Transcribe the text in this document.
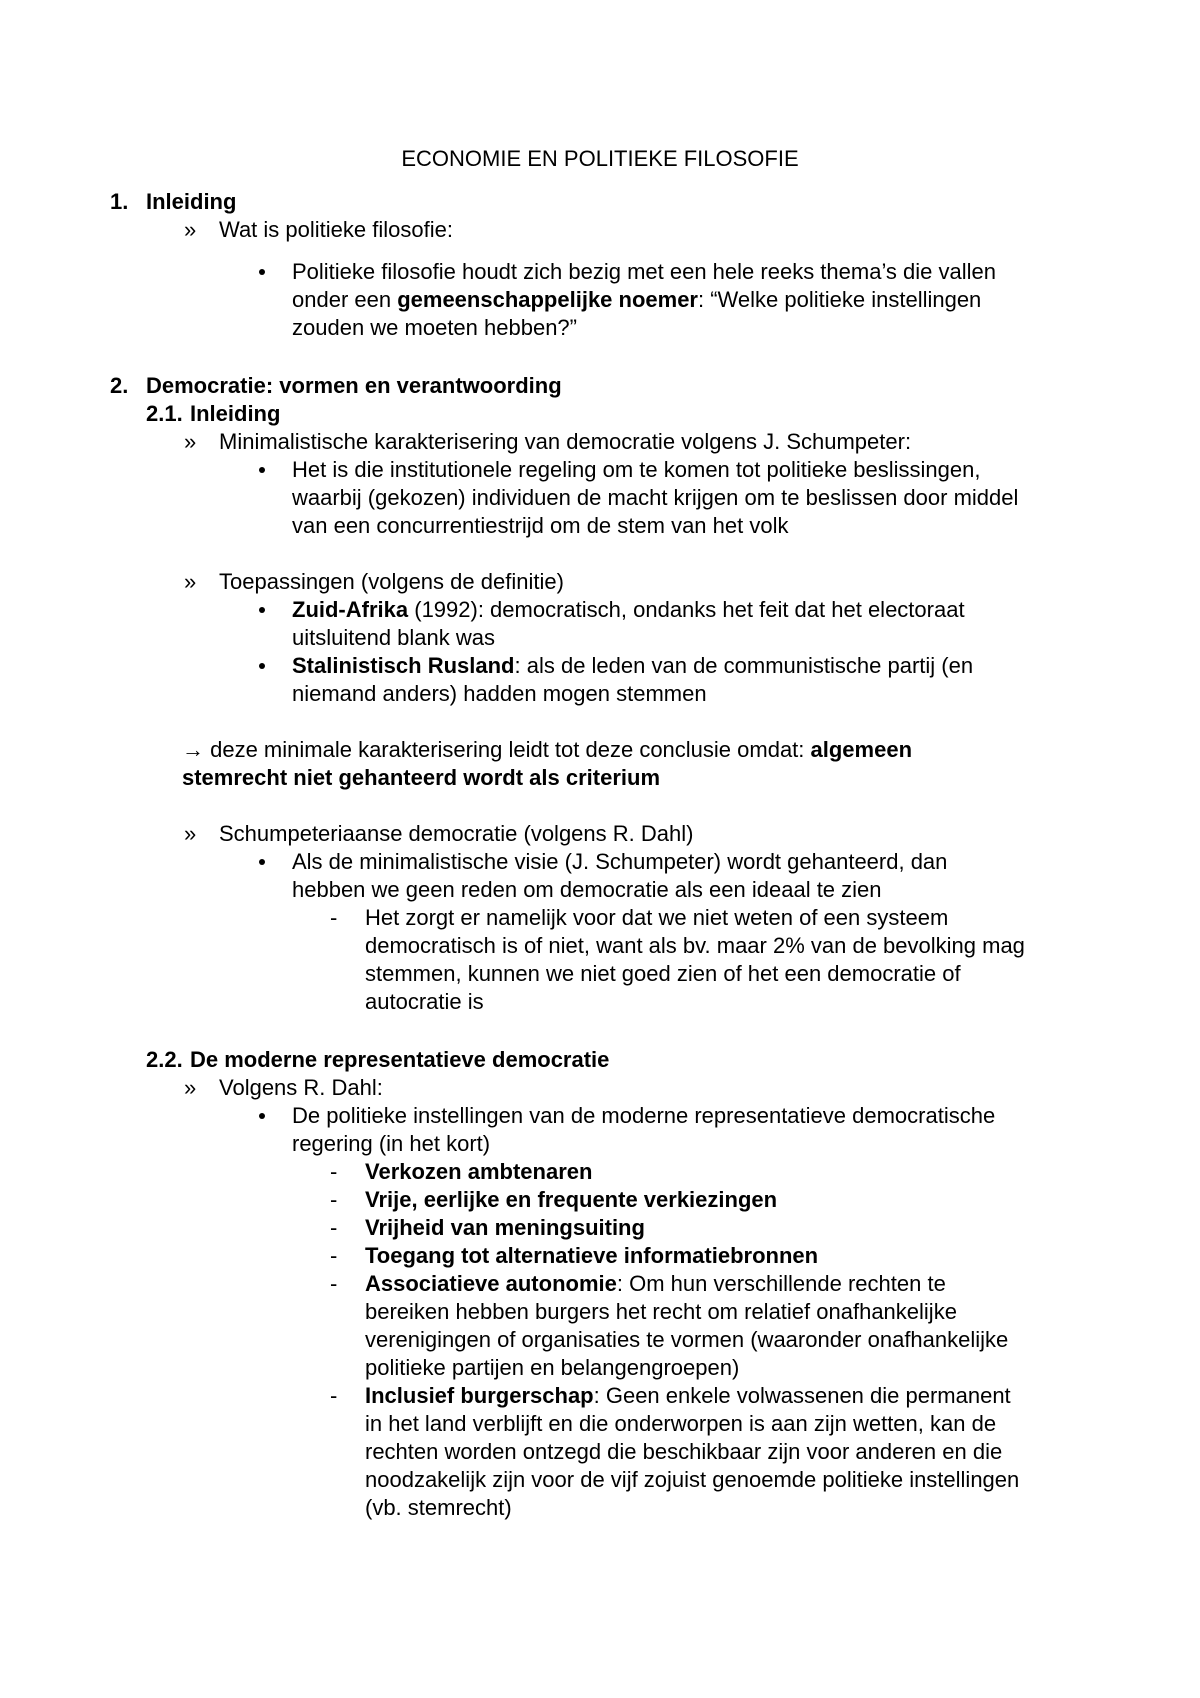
ECONOMIE EN POLITIEKE FILOSOFIE
1. Inleiding
» Wat is politieke filosofie:
Politieke filosofie houdt zich bezig met een hele reeks thema’s die vallen
onder een gemeenschappelijke noemer: “Welke politieke instellingen
zouden we moeten hebben?”
2. Democratie: vormen en verantwoording
2.1. Inleiding
» Minimalistische karakterisering van democratie volgens J. Schumpeter:
Het is die institutionele regeling om te komen tot politieke beslissingen,
waarbij (gekozen) individuen de macht krijgen om te beslissen door middel
van een concurrentiestrijd om de stem van het volk
» Toepassingen (volgens de definitie)
Zuid-Afrika (1992): democratisch, ondanks het feit dat het electoraat
uitsluitend blank was
Stalinistisch Rusland: als de leden van de communistische partij (en
niemand anders) hadden mogen stemmen
→ deze minimale karakterisering leidt tot deze conclusie omdat: algemeen
stemrecht niet gehanteerd wordt als criterium
» Schumpeteriaanse democratie (volgens R. Dahl)
Als de minimalistische visie (J. Schumpeter) wordt gehanteerd, dan
hebben we geen reden om democratie als een ideaal te zien
- Het zorgt er namelijk voor dat we niet weten of een systeem
democratisch is of niet, want als bv. maar 2% van de bevolking mag
stemmen, kunnen we niet goed zien of het een democratie of
autocratie is
2.2. De moderne representatieve democratie
» Volgens R. Dahl:
De politieke instellingen van de moderne representatieve democratische
regering (in het kort)
- Verkozen ambtenaren
- Vrije, eerlijke en frequente verkiezingen
- Vrijheid van meningsuiting
- Toegang tot alternatieve informatiebronnen
- Associatieve autonomie: Om hun verschillende rechten te
bereiken hebben burgers het recht om relatief onafhankelijke
verenigingen of organisaties te vormen (waaronder onafhankelijke
politieke partijen en belangengroepen)
- Inclusief burgerschap: Geen enkele volwassenen die permanent
in het land verblijft en die onderworpen is aan zijn wetten, kan de
rechten worden ontzegd die beschikbaar zijn voor anderen en die
noodzakelijk zijn voor de vijf zojuist genoemde politieke instellingen
(vb. stemrecht)
